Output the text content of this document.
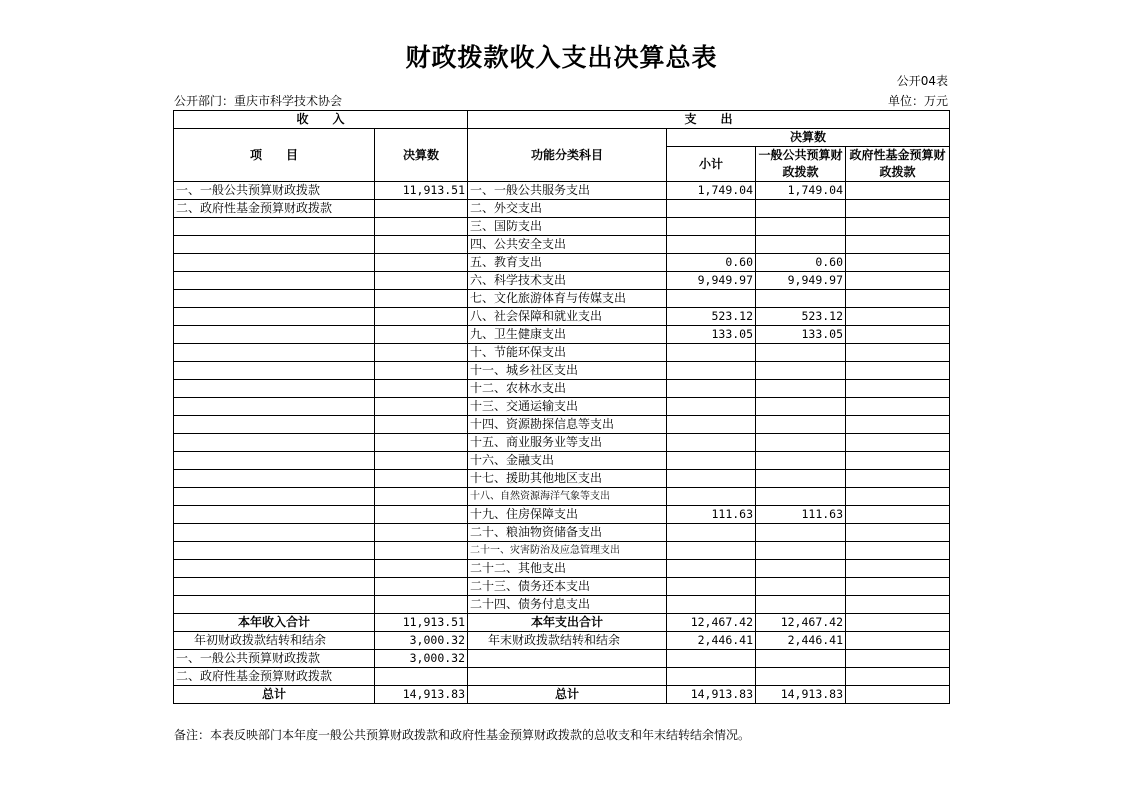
财政拨款收入支出决算总表
公开04表
公开部门：重庆市科学技术协会	单位：万元
收　　入		支　　出			
项　　目	决算数	功能分类科目	决算数		
			小计	一般公共预算财政拨款	政府性基金预算财政拨款
一、一般公共预算财政拨款	11,913.51	一、一般公共服务支出	1,749.04	1,749.04	
二、政府性基金预算财政拨款		二、外交支出			
		三、国防支出			
		四、公共安全支出			
		五、教育支出	0.60	0.60	
		六、科学技术支出	9,949.97	9,949.97	
		七、文化旅游体育与传媒支出			
		八、社会保障和就业支出	523.12	523.12	
		九、卫生健康支出	133.05	133.05	
		十、节能环保支出			
		十一、城乡社区支出			
		十二、农林水支出			
		十三、交通运输支出			
		十四、资源勘探信息等支出			
		十五、商业服务业等支出			
		十六、金融支出			
		十七、援助其他地区支出			
		十八、自然资源海洋气象等支出			
		十九、住房保障支出	111.63	111.63	
		二十、粮油物资储备支出			
		二十一、灾害防治及应急管理支出			
		二十二、其他支出			
		二十三、债务还本支出			
		二十四、债务付息支出			
本年收入合计	11,913.51	本年支出合计	12,467.42	12,467.42	
年初财政拨款结转和结余	3,000.32	年末财政拨款结转和结余	2,446.41	2,446.41	
一、一般公共预算财政拨款	3,000.32				
二、政府性基金预算财政拨款					
总计	14,913.83	总计	14,913.83	14,913.83	
备注：本表反映部门本年度一般公共预算财政拨款和政府性基金预算财政拨款的总收支和年末结转结余情况。
